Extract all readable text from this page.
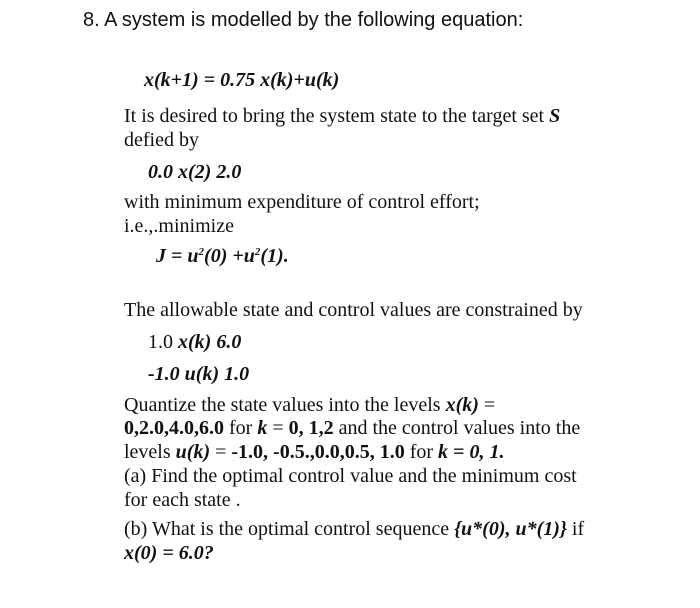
8. A system is modelled by the following equation:
x(k+1) = 0.75 x(k)+u(k)
It is desired to bring the system state to the target set S
defied by
0.0 x(2) 2.0
with minimum expenditure of control effort;
i.e.,.minimize
$J = u^2(0) +u^2(1)$.
The allowable state and control values are constrained by
1.0 x(k) 6.0
-1.0 u(k) 1.0
Quantize the state values into the levels x(k) =
0,2.0,4.0,6.0 for k = 0, 1,2 and the control values into the
levels u(k) = -1.0, -0.5.,0.0,0.5, 1.0 for k = 0, 1.
(a) Find the optimal control value and the minimum cost
for each state .
(b) What is the optimal control sequence {u*(0), u*(1)} if
x(0) = 6.0?
